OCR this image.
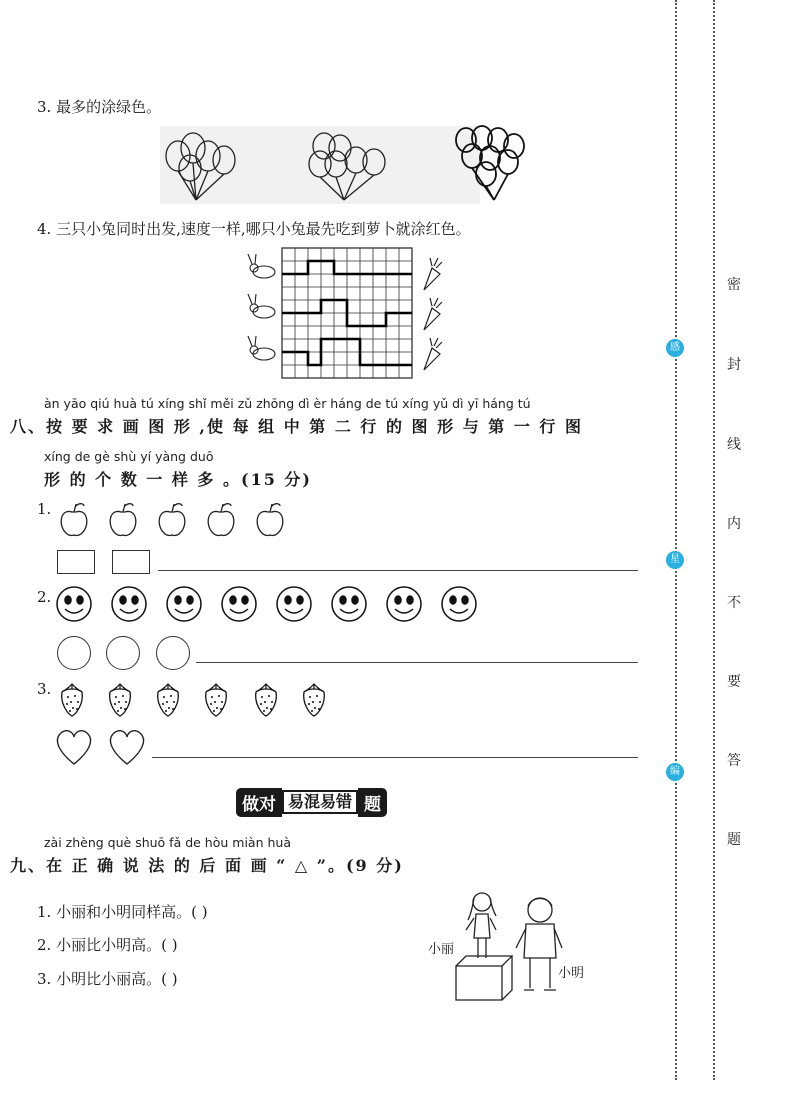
3. 最多的涂绿色。
4. 三只小兔同时出发,速度一样,哪只小兔最先吃到萝卜就涂红色。
àn yāo qiú huà tú xíng shǐ měi zǔ zhōng dì èr háng de tú xíng yǔ dì yī háng tú
八、按 要 求 画 图 形 ,使 每 组 中 第 二 行 的 图 形 与 第 一 行 图
xíng de gè shù yí yàng duō
形 的 个 数 一 样 多 。(15 分)
1.
2.
3.
做对 易混易错 题
zài zhèng què shuō fǎ de hòu miàn huà
九、在 正 确 说 法 的 后 面 画 “ △ ”。(9 分)
1. 小丽和小明同样高。( )
2. 小丽比小明高。( )
3. 小明比小丽高。( )
小丽
小明
感
星
编
密
封
线
内
不
要
答
题
